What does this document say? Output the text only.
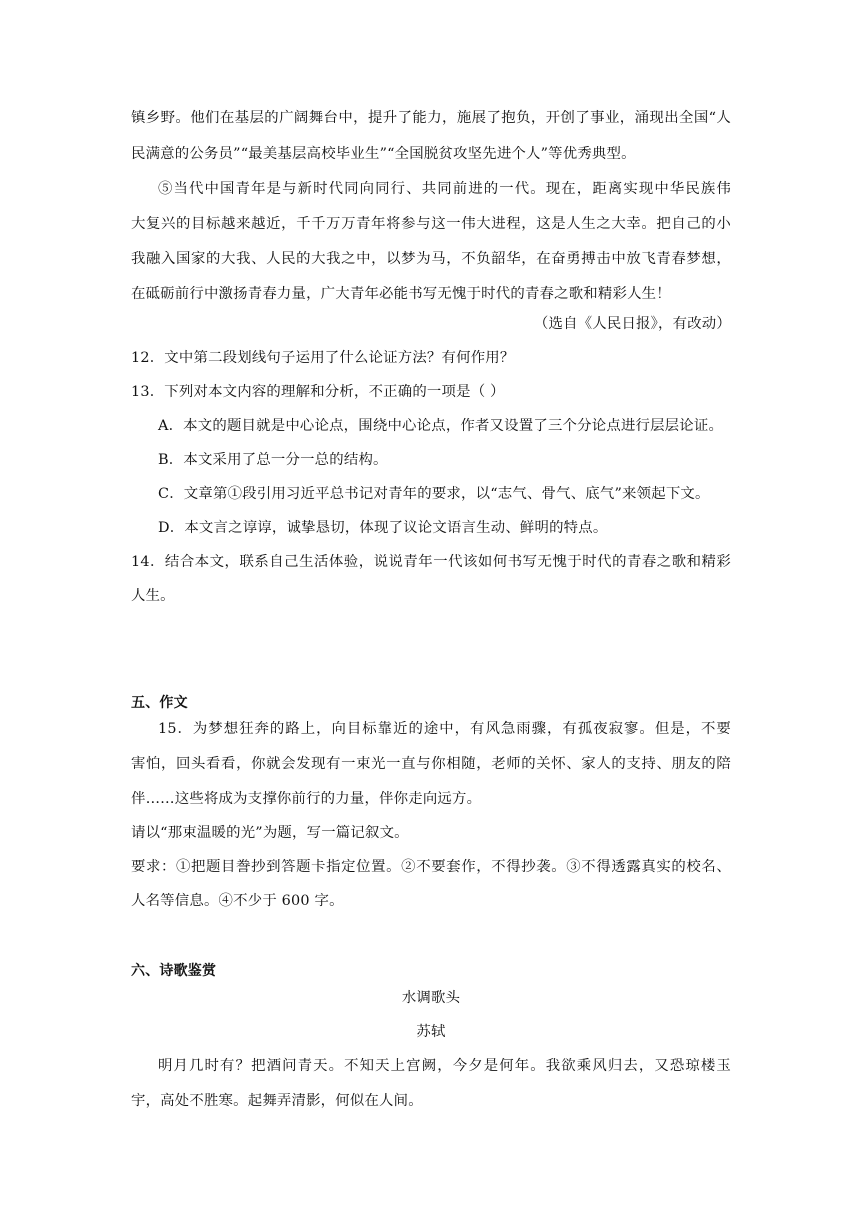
镇乡野。他们在基层的广阔舞台中，提升了能力，施展了抱负，开创了事业，涌现出全国“人
民满意的公务员”“最美基层高校毕业生”“全国脱贫攻坚先进个人”等优秀典型。
⑤当代中国青年是与新时代同向同行、共同前进的一代。现在，距离实现中华民族伟
大复兴的目标越来越近，千千万万青年将参与这一伟大进程，这是人生之大幸。把自己的小
我融入国家的大我、人民的大我之中，以梦为马，不负韶华，在奋勇搏击中放飞青春梦想，
在砥砺前行中激扬青春力量，广大青年必能书写无愧于时代的青春之歌和精彩人生！
（选自《人民日报》，有改动）
12．文中第二段划线句子运用了什么论证方法？有何作用？
13．下列对本文内容的理解和分析，不正确的一项是（ ）
A．本文的题目就是中心论点，围绕中心论点，作者又设置了三个分论点进行层层论证。
B．本文采用了总一分一总的结构。
C．文章第①段引用习近平总书记对青年的要求，以“志气、骨气、底气”来领起下文。
D．本文言之谆谆，诚挚恳切，体现了议论文语言生动、鲜明的特点。
14．结合本文，联系自己生活体验，说说青年一代该如何书写无愧于时代的青春之歌和精彩
人生。
五、作文
15．为梦想狂奔的路上，向目标靠近的途中，有风急雨骤，有孤夜寂寥。但是，不要
害怕，回头看看，你就会发现有一束光一直与你相随，老师的关怀、家人的支持、朋友的陪
伴……这些将成为支撑你前行的力量，伴你走向远方。
请以“那束温暖的光”为题，写一篇记叙文。
要求：①把题目誊抄到答题卡指定位置。②不要套作，不得抄袭。③不得透露真实的校名、
人名等信息。④不少于 600 字。
六、诗歌鉴赏
水调歌头
苏轼
明月几时有？把酒问青天。不知天上宫阙，今夕是何年。我欲乘风归去，又恐琼楼玉
宇，高处不胜寒。起舞弄清影，何似在人间。
